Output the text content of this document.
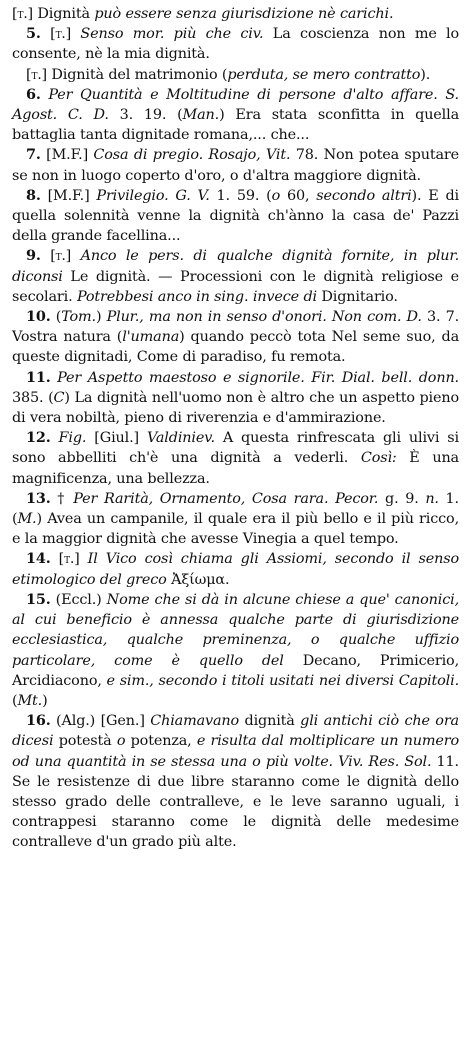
[t.] Dignità può essere senza giurisdizione nè carichi.

5. [t.] Senso mor. più che civ. La coscienza non me lo consente, nè la mia dignità.

[t.] Dignità del matrimonio (perduta, se mero contratto).

6. Per Quantità e Moltitudine di persone d'alto affare. S. Agost. C. D. 3. 19. (Man.) Era stata sconfitta in quella battaglia tanta dignitade romana,... che...

7. [M.F.] Cosa di pregio. Rosajo, Vit. 78. Non potea sputare se non in luogo coperto d'oro, o d'altra maggiore dignità.

8. [M.F.] Privilegio. G. V. 1. 59. (o 60, secondo altri). E di quella solennità venne la dignità ch'ànno la casa de' Pazzi della grande facellina...

9. [t.] Anco le pers. di qualche dignità fornite, in plur. diconsi Le dignità. — Processioni con le dignità religiose e secolari. Potrebbesi anco in sing. invece di Dignitario.

10. (Tom.) Plur., ma non in senso d'onori. Non com. D. 3. 7. Vostra natura (l'umana) quando peccò tota Nel seme suo, da queste dignitadi, Come di paradiso, fu remota.

11. Per Aspetto maestoso e signorile. Fir. Dial. bell. donn. 385. (C) La dignità nell'uomo non è altro che un aspetto pieno di vera nobiltà, pieno di riverenzia e d'ammirazione.

12. Fig. [Giul.] Valdiniev. A questa rinfrescata gli ulivi si sono abbelliti ch'è una dignità a vederli. Così: È una magnificenza, una bellezza.

13. † Per Rarità, Ornamento, Cosa rara. Pecor. g. 9. n. 1. (M.) Avea un campanile, il quale era il più bello e il più ricco, e la maggior dignità che avesse Vinegia a quel tempo.

14. [t.] Il Vico così chiama gli Assiomi, secondo il senso etimologico del greco Ἀξίωμα.

15. (Eccl.) Nome che si dà in alcune chiese a que' canonici, al cui beneficio è annessa qualche parte di giurisdizione ecclesiastica, qualche preminenza, o qualche uffizio particolare, come è quello del Decano, Primicerio, Arcidiacono, e sim., secondo i titoli usitati nei diversi Capitoli. (Mt.)

16. (Alg.) [Gen.] Chiamavano dignità gli antichi ciò che ora dicesi potestà o potenza, e risulta dal moltiplicare un numero od una quantità in se stessa una o più volte. Viv. Res. Sol. 11. Se le resistenze di due libre staranno come le dignità dello stesso grado delle contralleve, e le leve saranno uguali, i contrappesi staranno come le dignità delle medesime contralleve d'un grado più alte.
